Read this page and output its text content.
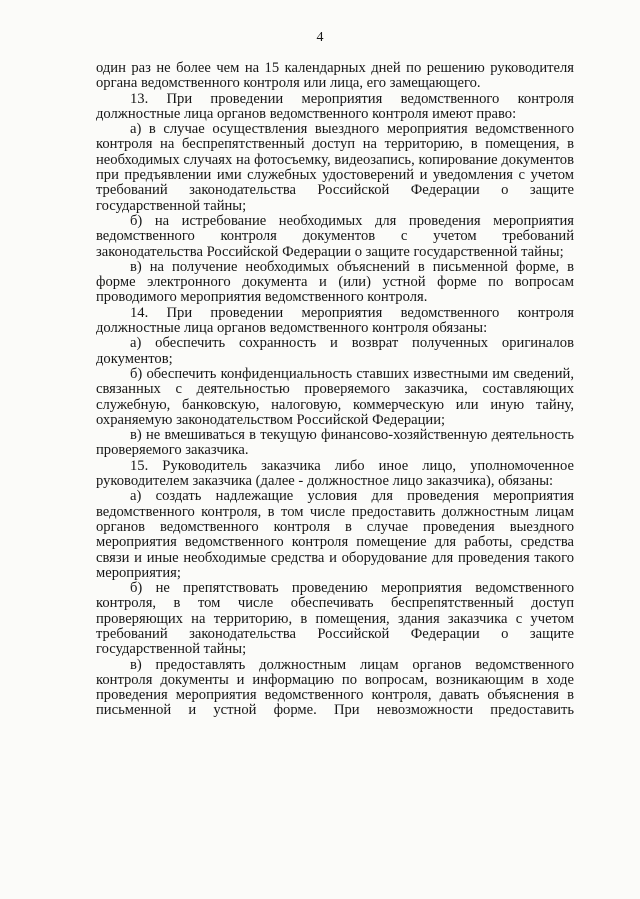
4

один раз не более чем на 15 календарных дней по решению руководителя органа ведомственного контроля или лица, его замещающего.

13. При проведении мероприятия ведомственного контроля должностные лица органов ведомственного контроля имеют право:

а) в случае осуществления выездного мероприятия ведомственного контроля на беспрепятственный доступ на территорию, в помещения, в необходимых случаях на фотосъемку, видеозапись, копирование документов при предъявлении ими служебных удостоверений и уведомления с учетом требований законодательства Российской Федерации о защите государственной тайны;

б) на истребование необходимых для проведения мероприятия ведомственного контроля документов с учетом требований законодательства Российской Федерации о защите государственной тайны;

в) на получение необходимых объяснений в письменной форме, в форме электронного документа и (или) устной форме по вопросам проводимого мероприятия ведомственного контроля.

14. При проведении мероприятия ведомственного контроля должностные лица органов ведомственного контроля обязаны:

а) обеспечить сохранность и возврат полученных оригиналов документов;

б) обеспечить конфиденциальность ставших известными им сведений, связанных с деятельностью проверяемого заказчика, составляющих служебную, банковскую, налоговую, коммерческую или иную тайну, охраняемую законодательством Российской Федерации;

в) не вмешиваться в текущую финансово-хозяйственную деятельность проверяемого заказчика.

15. Руководитель заказчика либо иное лицо, уполномоченное руководителем заказчика (далее - должностное лицо заказчика), обязаны:

а) создать надлежащие условия для проведения мероприятия ведомственного контроля, в том числе предоставить должностным лицам органов ведомственного контроля в случае проведения выездного мероприятия ведомственного контроля помещение для работы, средства связи и иные необходимые средства и оборудование для проведения такого мероприятия;

б) не препятствовать проведению мероприятия ведомственного контроля, в том числе обеспечивать беспрепятственный доступ проверяющих на территорию, в помещения, здания заказчика с учетом требований законодательства Российской Федерации о защите государственной тайны;

в) предоставлять должностным лицам органов ведомственного контроля документы и информацию по вопросам, возникающим в ходе проведения мероприятия ведомственного контроля, давать объяснения в письменной и устной форме. При невозможности предоставить
